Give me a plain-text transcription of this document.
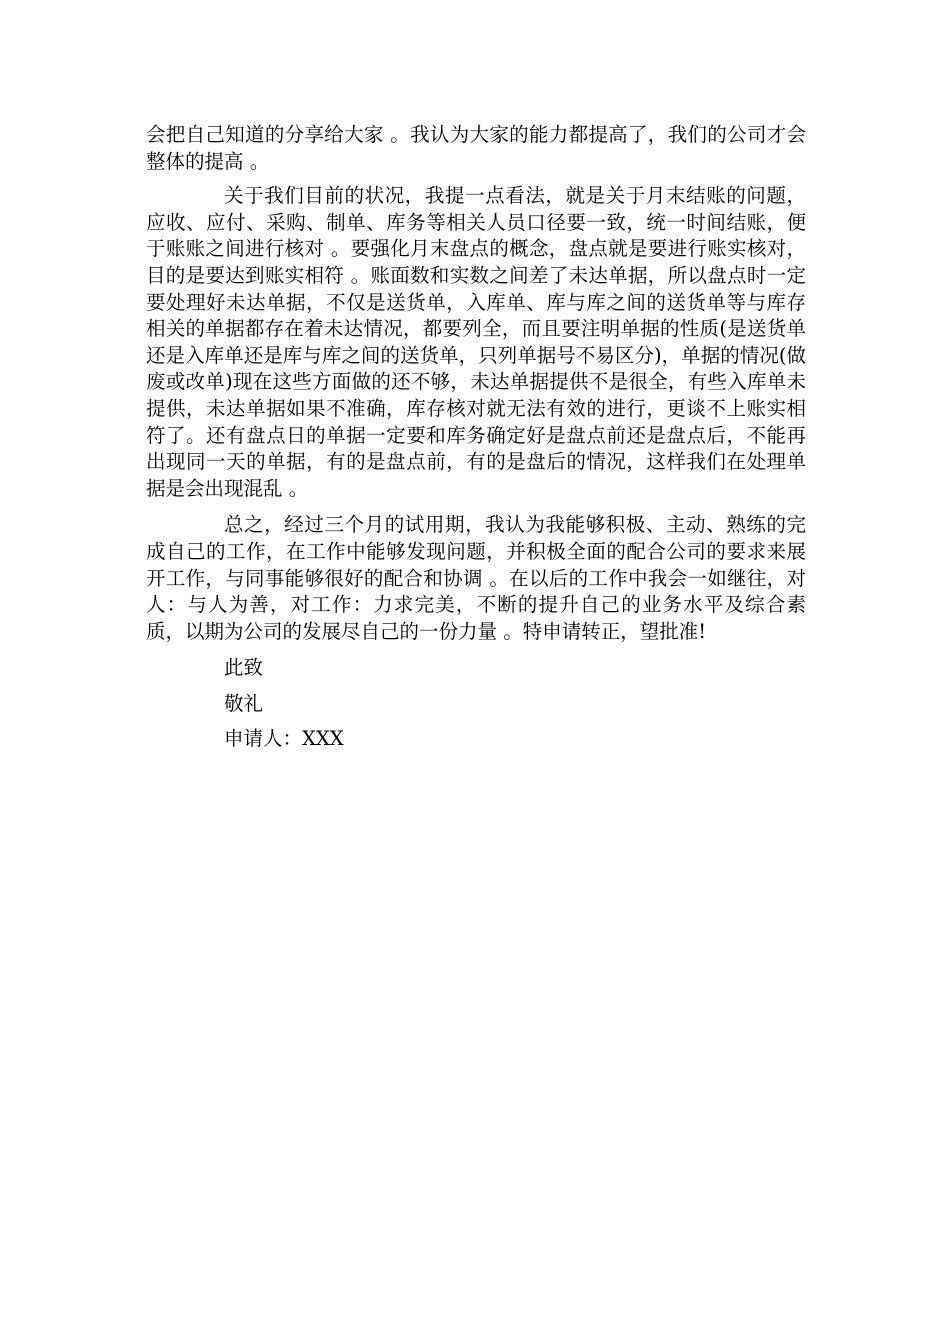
会把自己知道的分享给大家 。我认为大家的能力都提高了，我们的公司才会整体的提高 。

关于我们目前的状况，我提一点看法，就是关于月末结账的问题，应收、应付、采购、制单、库务等相关人员口径要一致，统一时间结账，便于账账之间进行核对 。要强化月末盘点的概念，盘点就是要进行账实核对，目的是要达到账实相符 。账面数和实数之间差了未达单据，所以盘点时一定要处理好未达单据，不仅是送货单，入库单、库与库之间的送货单等与库存相关的单据都存在着未达情况，都要列全，而且要注明单据的性质(是送货单还是入库单还是库与库之间的送货单，只列单据号不易区分)，单据的情况(做废或改单)现在这些方面做的还不够，未达单据提供不是很全，有些入库单未提供，未达单据如果不准确，库存核对就无法有效的进行，更谈不上账实相符了。还有盘点日的单据一定要和库务确定好是盘点前还是盘点后，不能再出现同一天的单据，有的是盘点前，有的是盘后的情况，这样我们在处理单据是会出现混乱 。

总之，经过三个月的试用期，我认为我能够积极、主动、熟练的完成自己的工作，在工作中能够发现问题，并积极全面的配合公司的要求来展开工作，与同事能够很好的配合和协调 。在以后的工作中我会一如继往，对人：与人为善，对工作：力求完美，不断的提升自己的业务水平及综合素质，以期为公司的发展尽自己的一份力量 。特申请转正，望批准!

此致

敬礼

申请人：XXX
